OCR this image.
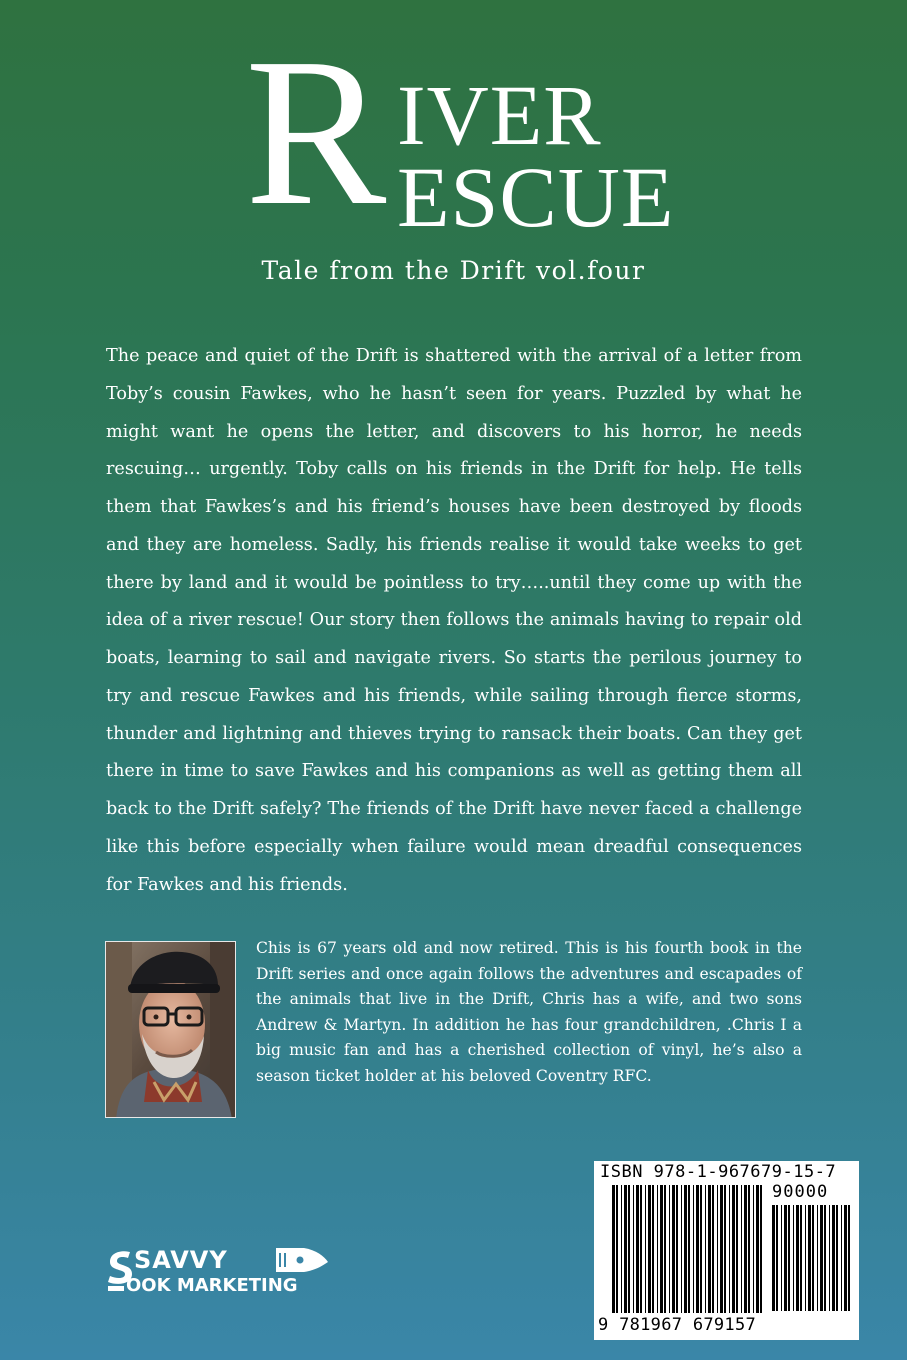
R IVER
ESCUE
Tale from the Drift vol.four

The peace and quiet of the Drift is shattered with the arrival of a letter from Toby’s cousin Fawkes, who he hasn’t seen for years. Puzzled by what he might want he opens the letter, and discovers to his horror, he needs rescuing… urgently. Toby calls on his friends in the Drift for help. He tells them that Fawkes’s and his friend’s houses have been destroyed by floods and they are homeless. Sadly, his friends realise it would take weeks to get there by land and it would be pointless to try…..until they come up with the idea of a river rescue! Our story then follows the animals having to repair old boats, learning to sail and navigate rivers. So starts the perilous journey to try and rescue Fawkes and his friends, while sailing through fierce storms, thunder and lightning and thieves trying to ransack their boats. Can they get there in time to save Fawkes and his companions as well as getting them all back to the Drift safely? The friends of the Drift have never faced a challenge like this before especially when failure would mean dreadful consequences for Fawkes and his friends.

Chis is 67 years old and now retired. This is his fourth book in the Drift series and once again follows the adventures and escapades of the animals that live in the Drift, Chris has a wife, and two sons Andrew & Martyn. In addition he has four grandchildren, .Chris I a big music fan and has a cherished collection of vinyl, he’s also a season ticket holder at his beloved Coventry RFC.

SAVVY
OOK MARKETING
ISBN 978-1-967679-15-7
90000
9 781967 679157
